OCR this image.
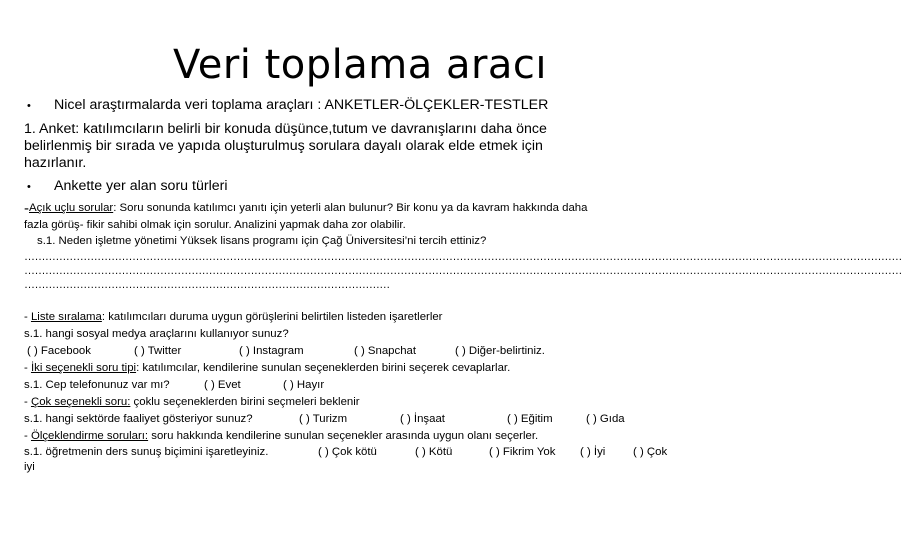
Veri toplama aracı
• Nicel araştırmalarda veri toplama araçları : ANKETLER-ÖLÇEKLER-TESTLER
1. Anket: katılımcıların belirli bir konuda düşünce,tutum ve davranışlarını daha önce
belirlenmiş bir sırada ve yapıda oluşturulmuş sorulara dayalı olarak elde etmek için
hazırlanır.
• Ankette yer alan soru türleri
-Açık uçlu sorular: Soru sonunda katılımcı yanıtı için yeterli alan bulunur? Bir konu ya da kavram hakkında daha
fazla görüş- fikir sahibi olmak için sorulur. Analizini yapmak daha zor olabilir.
s.1. Neden işletme yönetimi Yüksek lisans programı için Çağ Üniversitesi’ni tercih ettiniz?
………………………………………………………………………………………………………………………………………………………………………………………………………………………………
………………………………………………………………………………………………………………………………………………………………………………………………………………………………
……………………………………………………………………………………………
- Liste sıralama: katılımcıları duruma uygun görüşlerini belirtilen listeden işaretlerler
s.1. hangi sosyal medya araçlarını kullanıyor sunuz?
( ) Facebook	( ) Twitter	( ) Instagram	( ) Snapchat	( ) Diğer-belirtiniz.
- İki seçenekli soru tipi: katılımcılar, kendilerine sunulan seçeneklerden birini seçerek cevaplarlar.
s.1. Cep telefonunuz var mı?	( ) Evet	( ) Hayır
- Çok seçenekli soru: çoklu seçeneklerden birini seçmeleri beklenir
s.1. hangi sektörde faaliyet gösteriyor sunuz?	( ) Turizm	( ) İnşaat	( ) Eğitim	( ) Gıda
- Ölçeklendirme soruları: soru hakkında kendilerine sunulan seçenekler arasında uygun olanı seçerler.
s.1. öğretmenin ders sunuş biçimini işaretleyiniz.	( ) Çok kötü	( ) Kötü	( ) Fikrim Yok ( ) İyi ( ) Çok
iyi
